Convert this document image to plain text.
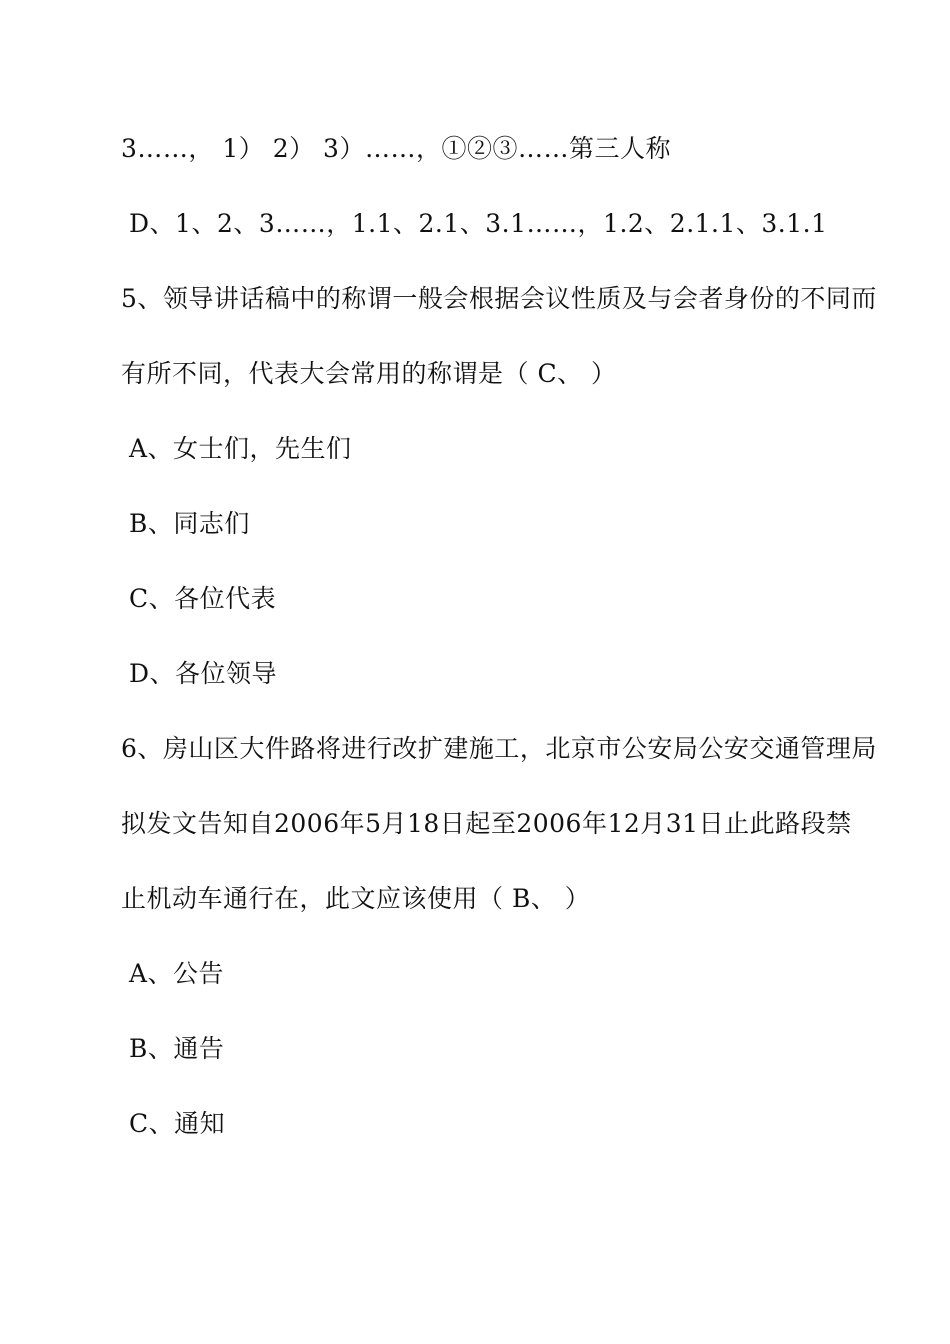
3……， 1） 2） 3）……，①②③……第三人称
D、1、2、3……，1.1、2.1、3.1……，1.2、2.1.1、3.1.1
5、领导讲话稿中的称谓一般会根据会议性质及与会者身份的不同而
有所不同，代表大会常用的称谓是（ C、 ）
A、女士们，先生们
B、同志们
C、各位代表
D、各位领导
6、房山区大件路将进行改扩建施工，北京市公安局公安交通管理局
拟发文告知自2006年5月18日起至2006年12月31日止此路段禁
止机动车通行在，此文应该使用（ B、 ）
A、公告
B、通告
C、通知
